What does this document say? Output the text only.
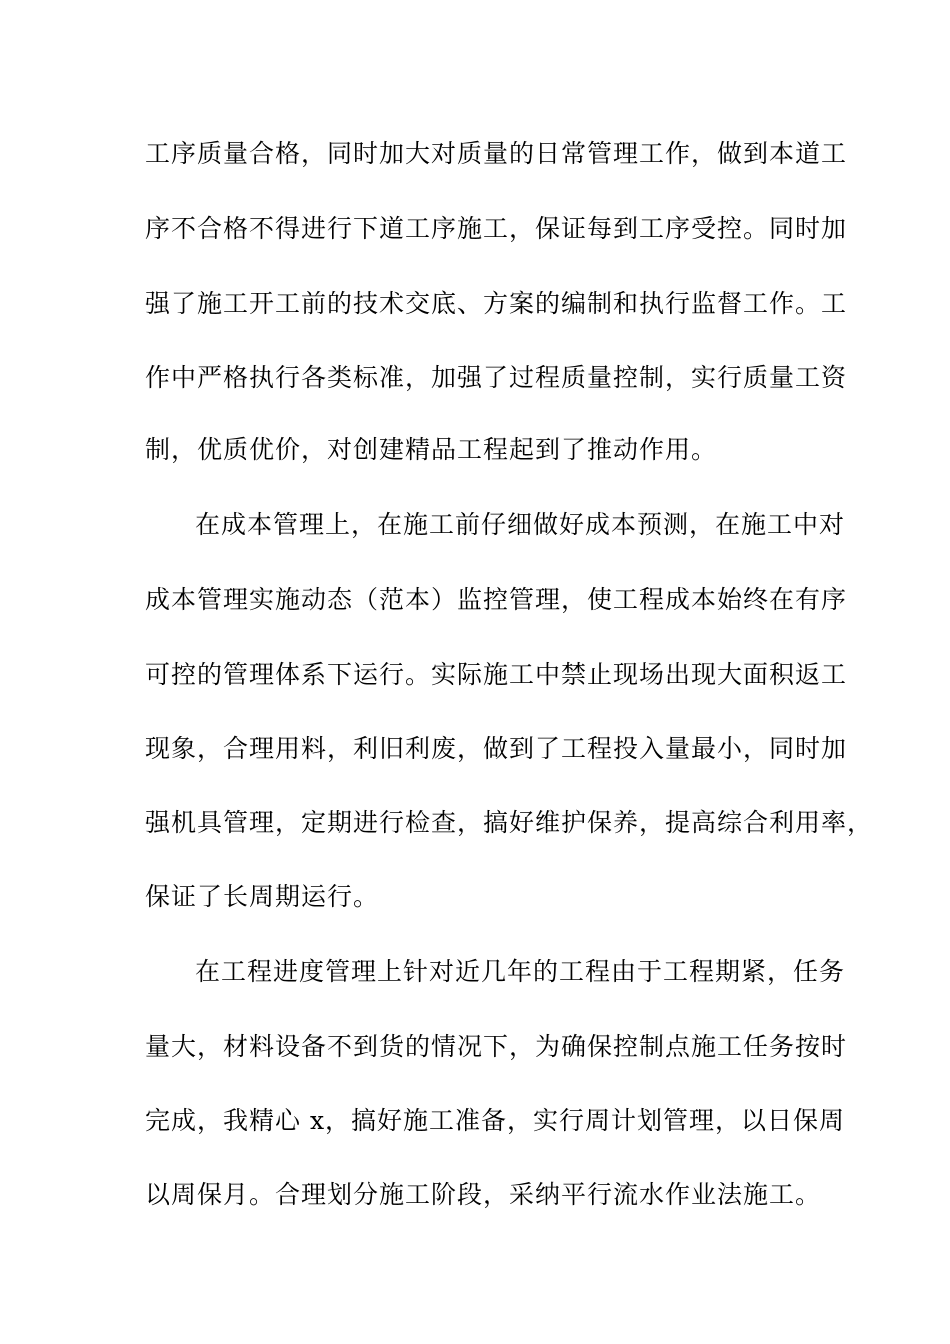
工序质量合格，同时加大对质量的日常管理工作，做到本道工
序不合格不得进行下道工序施工，保证每到工序受控。同时加
强了施工开工前的技术交底、方案的编制和执行监督工作。工
作中严格执行各类标准，加强了过程质量控制，实行质量工资
制，优质优价，对创建精品工程起到了推动作用。
在成本管理上，在施工前仔细做好成本预测，在施工中对
成本管理实施动态（范本）监控管理，使工程成本始终在有序
可控的管理体系下运行。实际施工中禁止现场出现大面积返工
现象，合理用料，利旧利废，做到了工程投入量最小，同时加
强机具管理，定期进行检查，搞好维护保养，提高综合利用率，
保证了长周期运行。
在工程进度管理上针对近几年的工程由于工程期紧，任务
量大，材料设备不到货的情况下，为确保控制点施工任务按时
完成，我精心 x，搞好施工准备，实行周计划管理，以日保周
以周保月。合理划分施工阶段，采纳平行流水作业法施工。
